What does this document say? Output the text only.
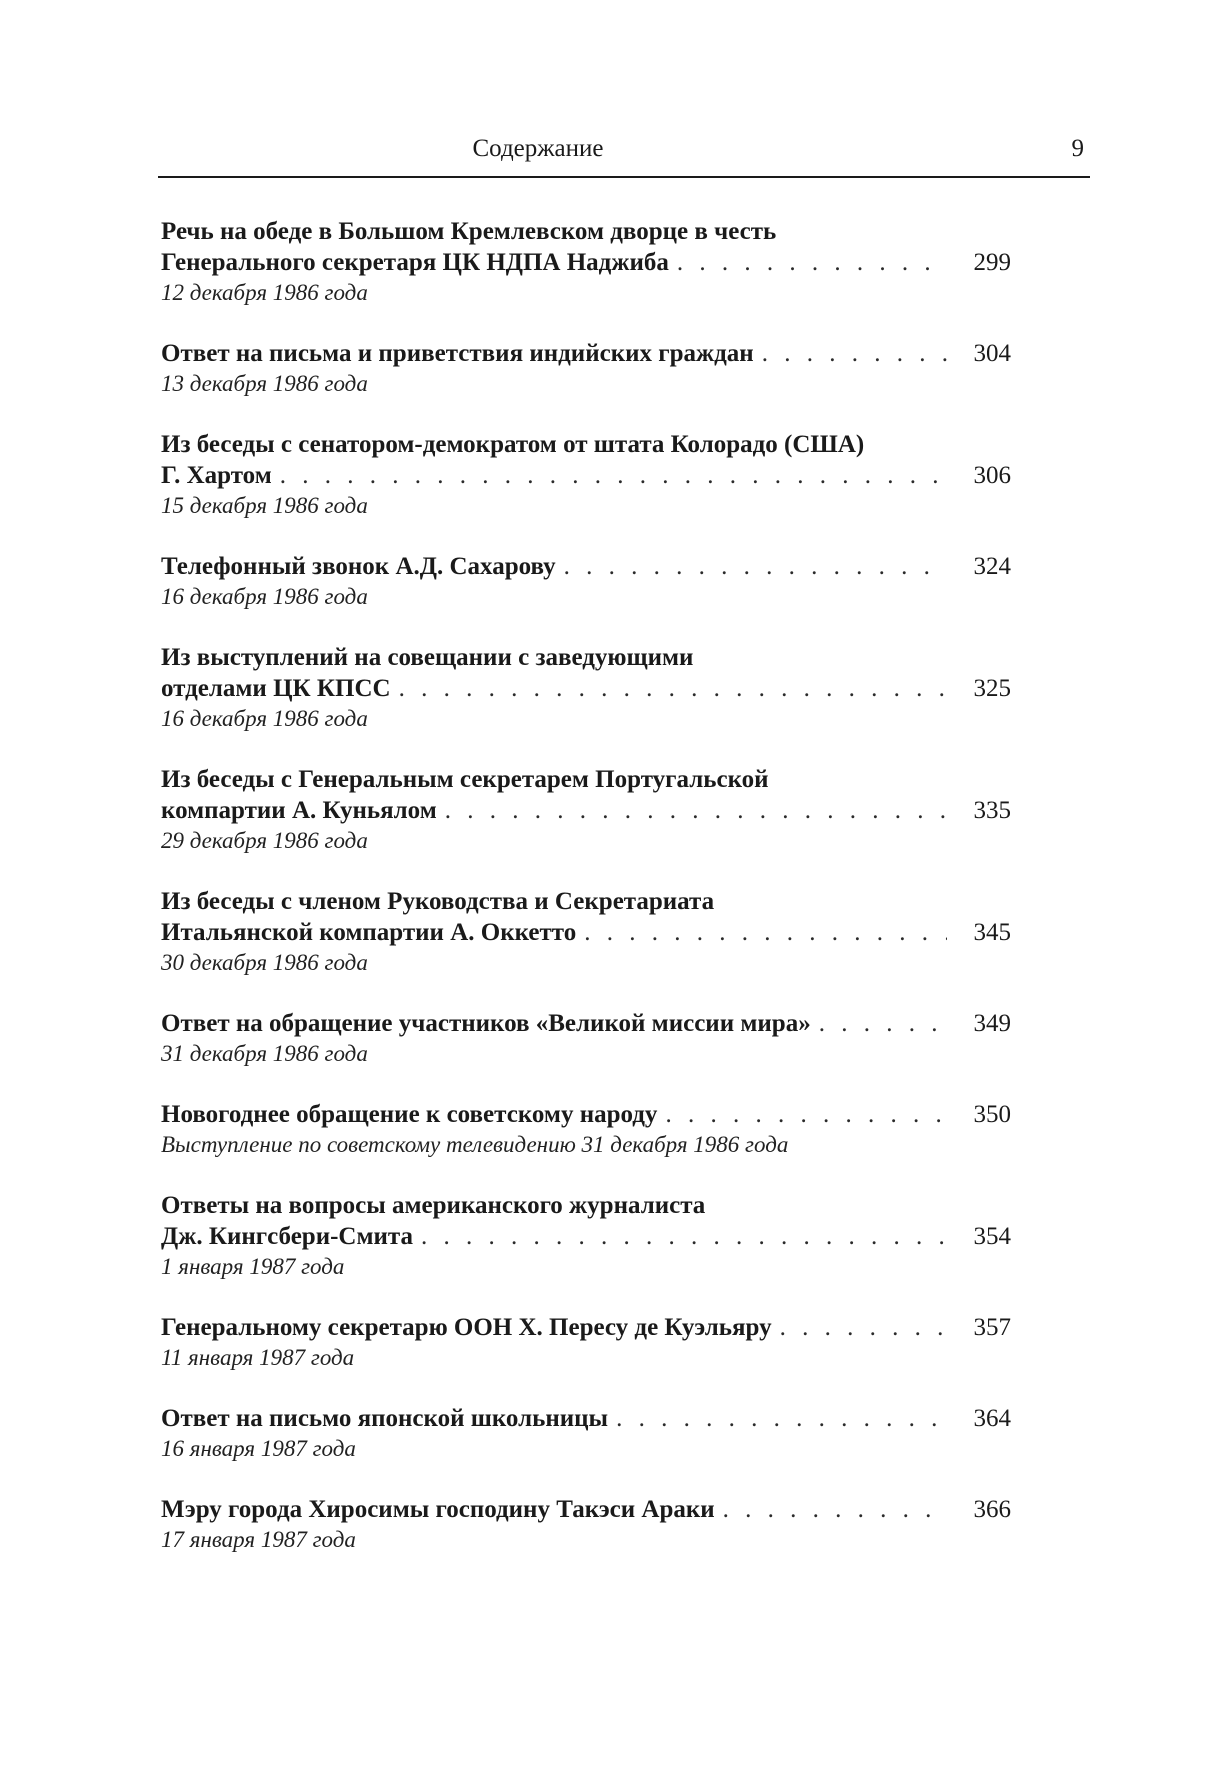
Содержание	9
Речь на обеде в Большом Кремлевском дворце в честь
Генерального секретаря ЦК НДПА Наджиба . . .	299
12 декабря 1986 года
Ответ на письма и приветствия индийских граждан . . .	304
13 декабря 1986 года
Из беседы с сенатором-демократом от штата Колорадо (США)
Г. Хартом . . .	306
15 декабря 1986 года
Телефонный звонок А.Д. Сахарову . . .	324
16 декабря 1986 года
Из выступлений на совещании с заведующими
отделами ЦК КПСС . . .	325
16 декабря 1986 года
Из беседы с Генеральным секретарем Португальской
компартии А. Куньялом . . .	335
29 декабря 1986 года
Из беседы с членом Руководства и Секретариата
Итальянской компартии А. Оккетто . . .	345
30 декабря 1986 года
Ответ на обращение участников «Великой миссии мира» . . .	349
31 декабря 1986 года
Новогоднее обращение к советскому народу . . .	350
Выступление по советскому телевидению 31 декабря 1986 года
Ответы на вопросы американского журналиста
Дж. Кингсбери-Смита . . .	354
1 января 1987 года
Генеральному секретарю ООН Х. Пересу де Куэльяру . . .	357
11 января 1987 года
Ответ на письмо японской школьницы . . .	364
16 января 1987 года
Мэру города Хиросимы господину Такэси Араки . . .	366
17 января 1987 года
